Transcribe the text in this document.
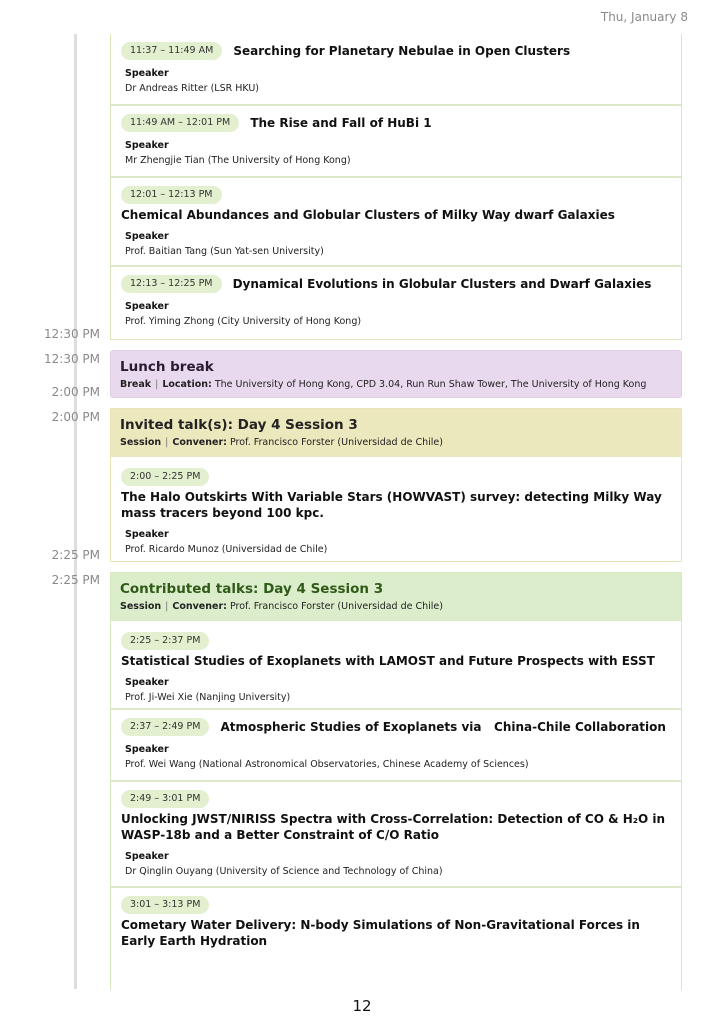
Thu, January 8
12:30 PM
12:30 PM
2:00 PM
2:00 PM
2:25 PM
2:25 PM
11:37 – 11:49 AM Searching for Planetary Nebulae in Open Clusters
Speaker
Dr Andreas Ritter (LSR HKU)
11:49 AM – 12:01 PM The Rise and Fall of HuBi 1
Speaker
Mr Zhengjie Tian (The University of Hong Kong)
12:01 – 12:13 PM
Chemical Abundances and Globular Clusters of Milky Way dwarf Galaxies
Speaker
Prof. Baitian Tang (Sun Yat-sen University)
12:13 – 12:25 PM Dynamical Evolutions in Globular Clusters and Dwarf Galaxies
Speaker
Prof. Yiming Zhong (City University of Hong Kong)
Lunch break
Break | Location: The University of Hong Kong, CPD 3.04, Run Run Shaw Tower, The University of Hong Kong
Invited talk(s): Day 4 Session 3
Session | Convener: Prof. Francisco Forster (Universidad de Chile)
2:00 – 2:25 PM
The Halo Outskirts With Variable Stars (HOWVAST) survey: detecting Milky Way mass tracers beyond 100 kpc.
Speaker
Prof. Ricardo Munoz (Universidad de Chile)
Contributed talks: Day 4 Session 3
Session | Convener: Prof. Francisco Forster (Universidad de Chile)
2:25 – 2:37 PM
Statistical Studies of Exoplanets with LAMOST and Future Prospects with ESST
Speaker
Prof. Ji-Wei Xie (Nanjing University)
2:37 – 2:49 PM Atmospheric Studies of Exoplanets via   China-Chile Collaboration
Speaker
Prof. Wei Wang (National Astronomical Observatories, Chinese Academy of Sciences)
2:49 – 3:01 PM
Unlocking JWST/NIRISS Spectra with Cross-Correlation: Detection of CO & H₂O in WASP-18b and a Better Constraint of C/O Ratio
Speaker
Dr Qinglin Ouyang (University of Science and Technology of China)
3:01 – 3:13 PM
Cometary Water Delivery: N-body Simulations of Non-Gravitational Forces in Early Earth Hydration
12
